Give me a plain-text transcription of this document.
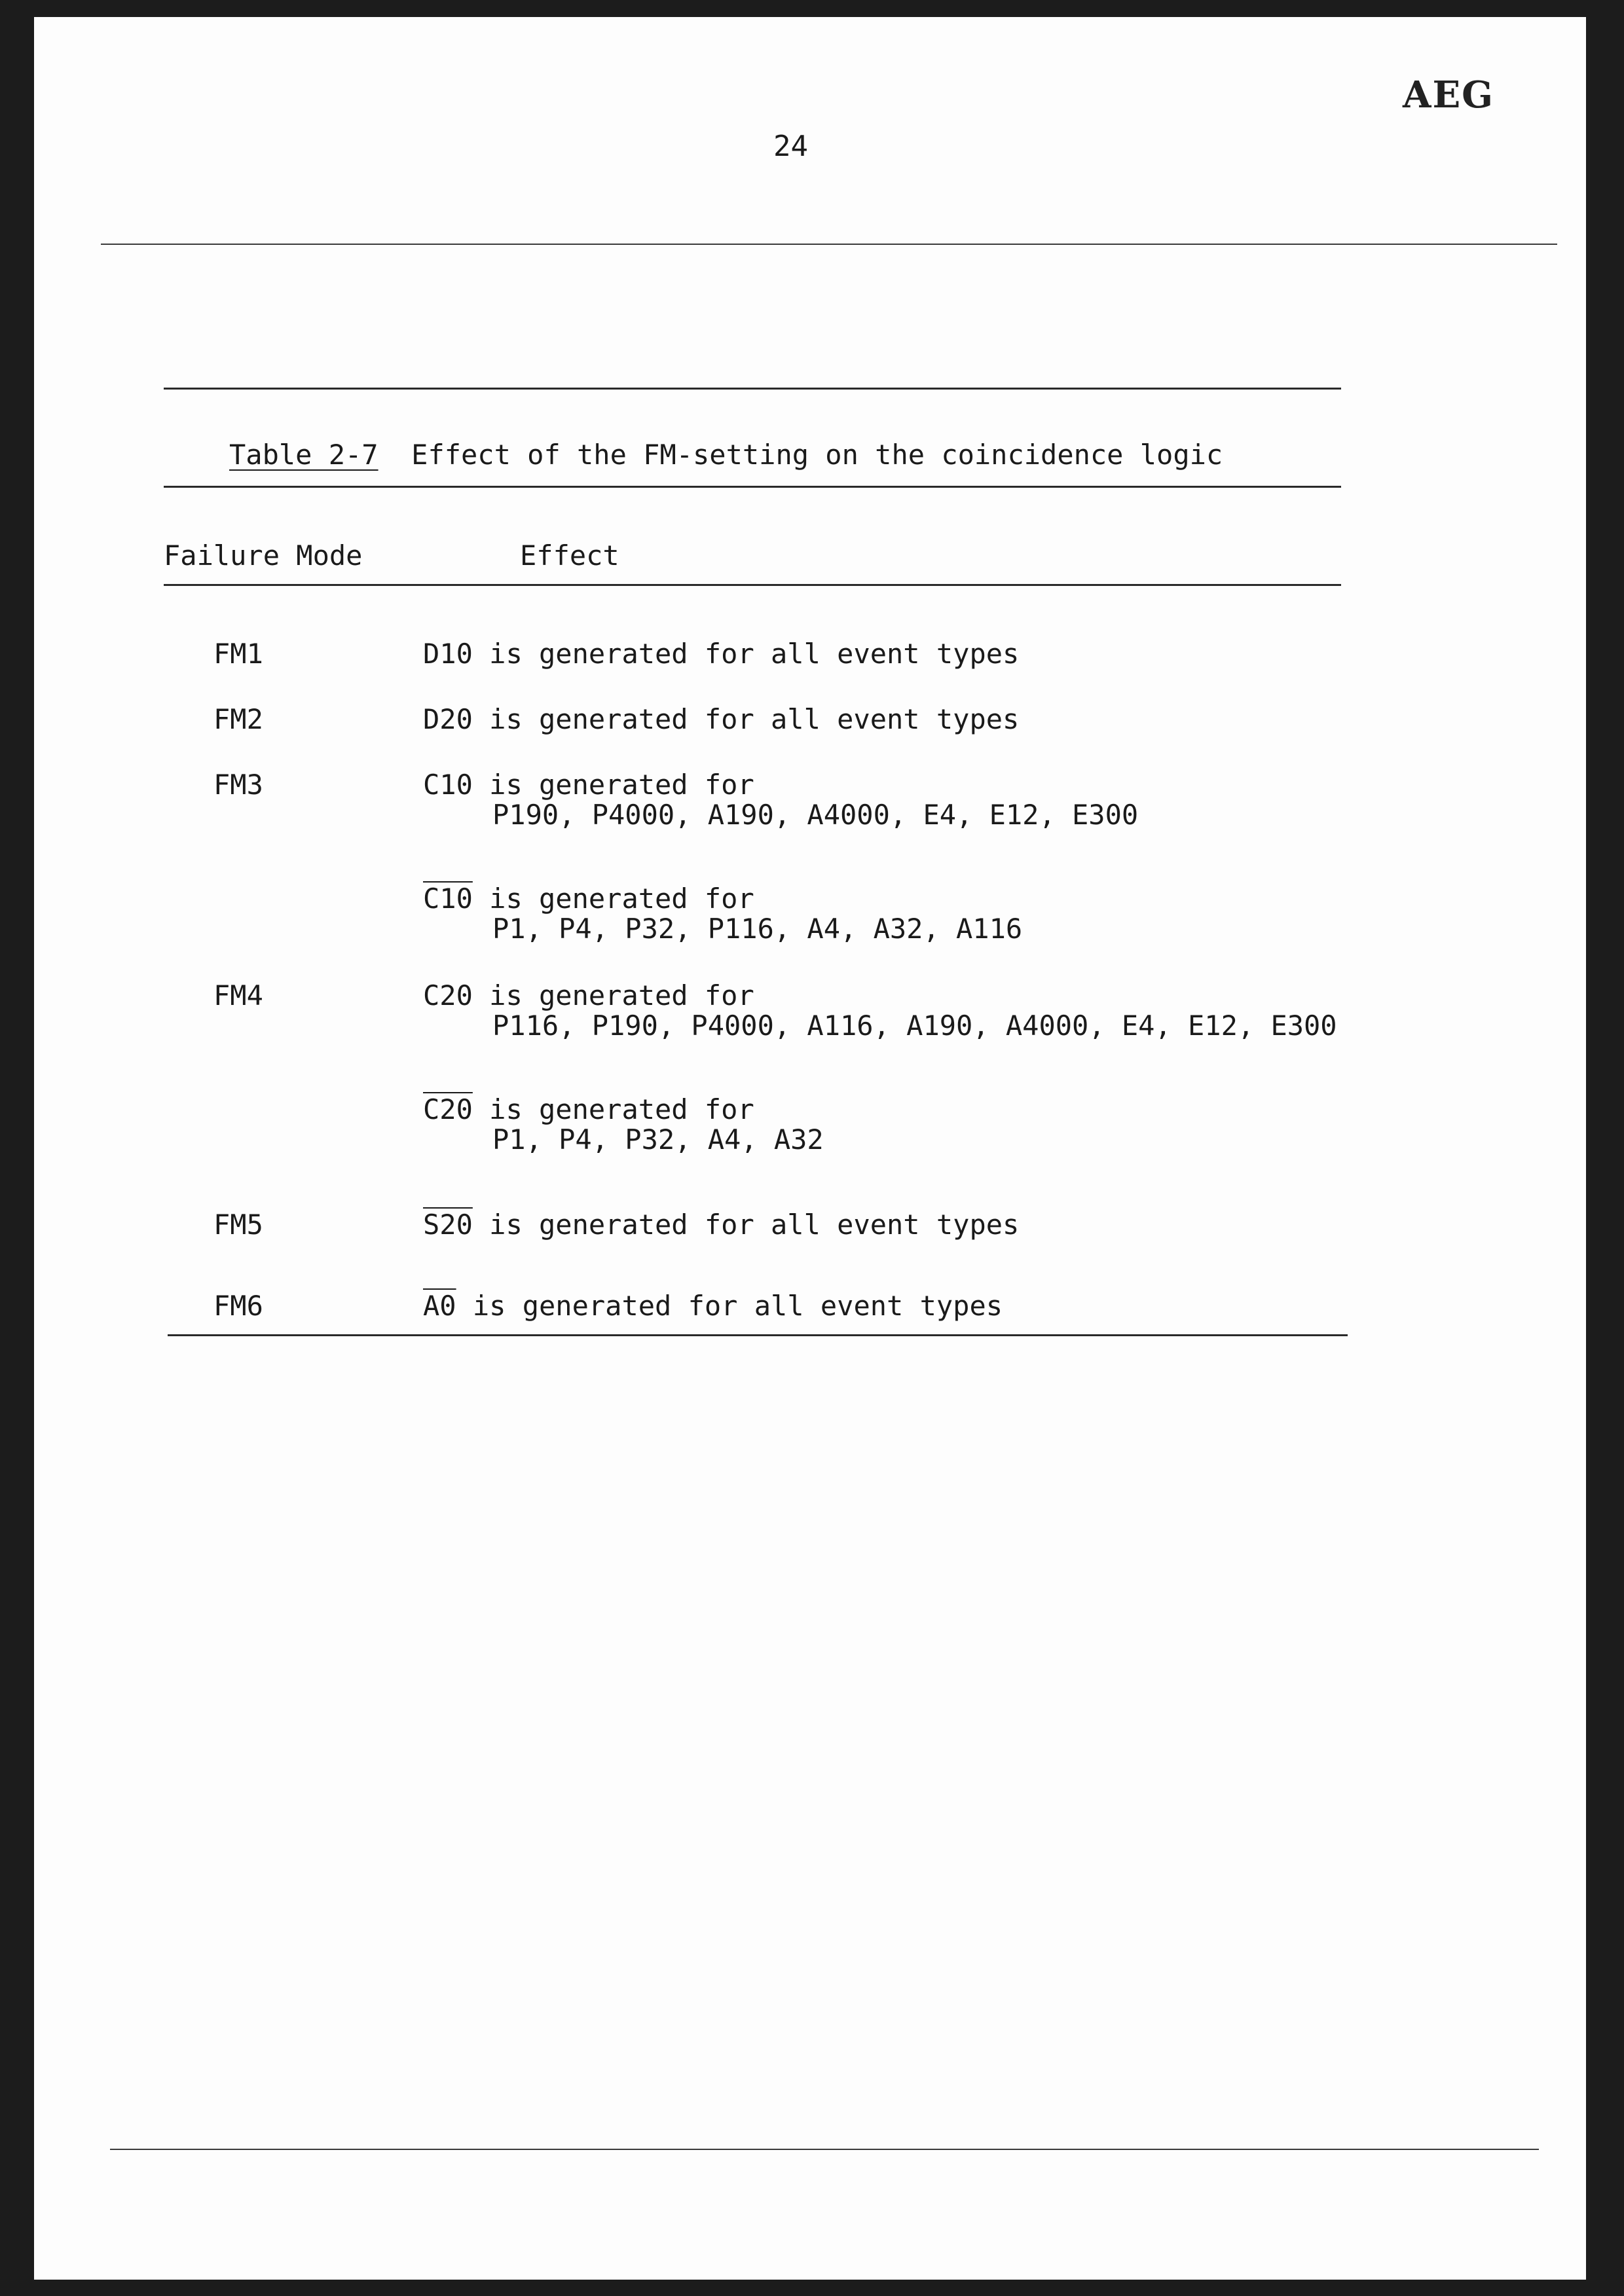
AEG
24
Table 2-7 Effect of the FM-setting on the coincidence logic
Failure Mode	Effect
FM1	D10 is generated for all event types
FM2	D20 is generated for all event types
FM3	C10 is generated for
P190, P4000, A190, A4000, E4, E12, E300
C10 is generated for
P1, P4, P32, P116, A4, A32, A116
FM4	C20 is generated for
P116, P190, P4000, A116, A190, A4000, E4, E12, E300
C20 is generated for
P1, P4, P32, A4, A32
FM5	S20 is generated for all event types
FM6	A0 is generated for all event types
